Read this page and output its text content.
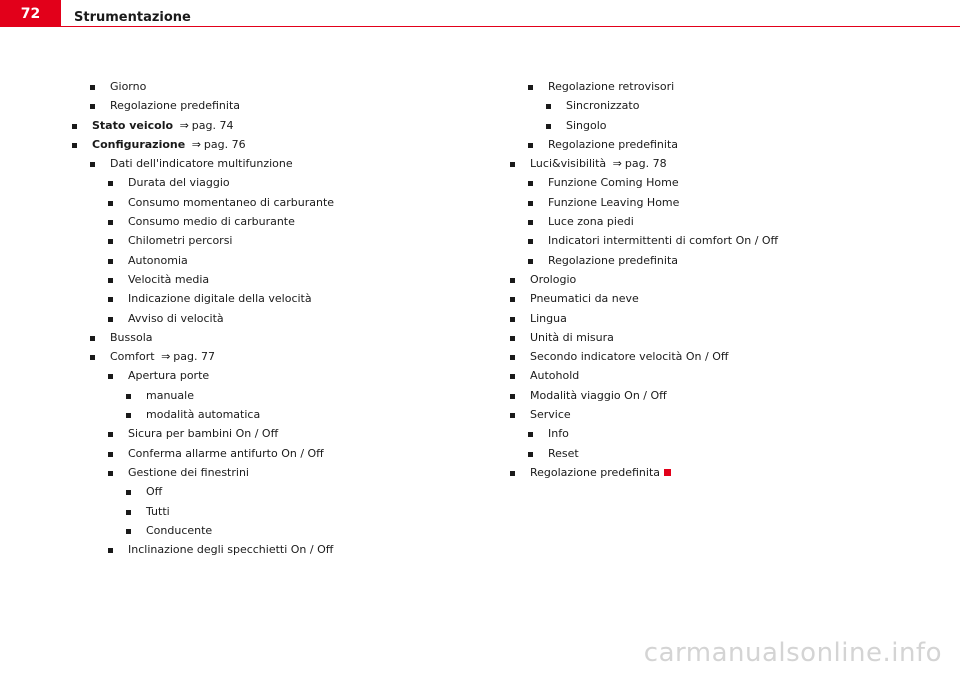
72	Strumentazione
Giorno
Regolazione predefinita
Stato veicolo ⇒ pag. 74
Configurazione ⇒ pag. 76
Dati dell'indicatore multifunzione
Durata del viaggio
Consumo momentaneo di carburante
Consumo medio di carburante
Chilometri percorsi
Autonomia
Velocità media
Indicazione digitale della velocità
Avviso di velocità
Bussola
Comfort ⇒ pag. 77
Apertura porte
manuale
modalità automatica
Sicura per bambini On / Off
Conferma allarme antifurto On / Off
Gestione dei finestrini
Off
Tutti
Conducente
Inclinazione degli specchietti On / Off
Regolazione retrovisori
Sincronizzato
Singolo
Regolazione predefinita
Luci&visibilità ⇒ pag. 78
Funzione Coming Home
Funzione Leaving Home
Luce zona piedi
Indicatori intermittenti di comfort On / Off
Regolazione predefinita
Orologio
Pneumatici da neve
Lingua
Unità di misura
Secondo indicatore velocità On / Off
Autohold
Modalità viaggio On / Off
Service
Info
Reset
Regolazione predefinita
carmanualsonline.info
